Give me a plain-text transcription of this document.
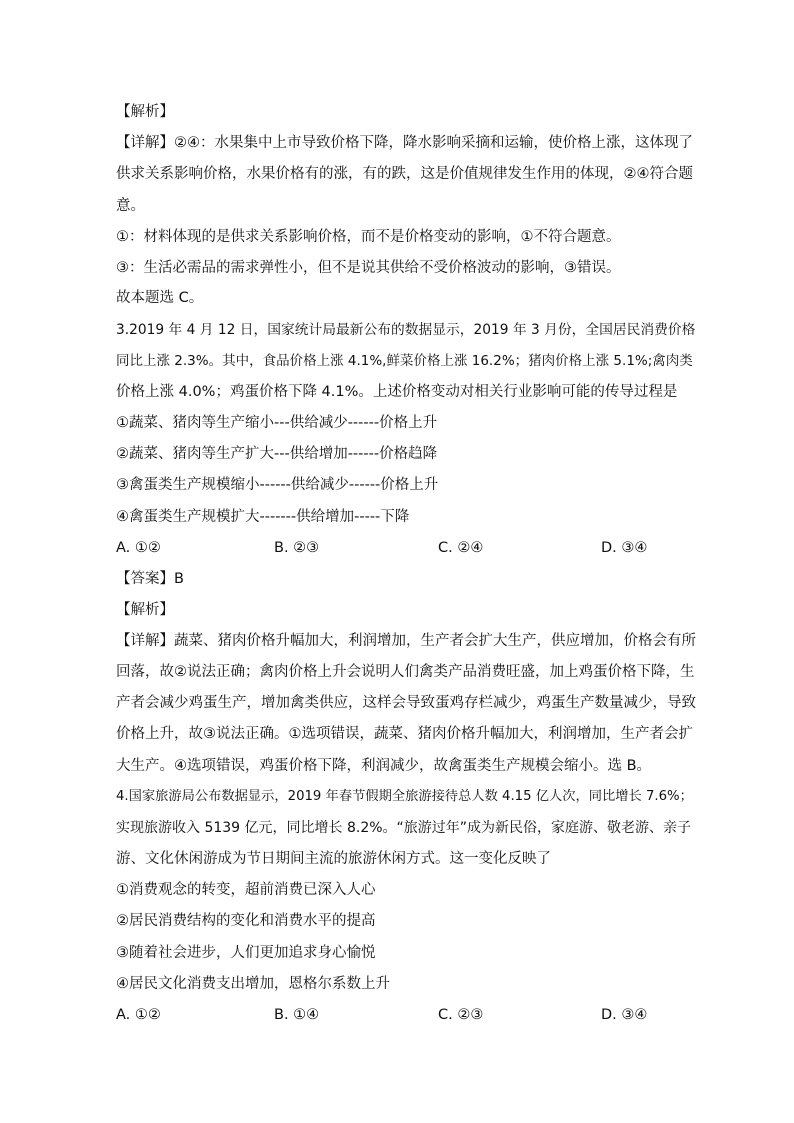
【解析】
【详解】②④：水果集中上市导致价格下降，降水影响采摘和运输，使价格上涨，这体现了
供求关系影响价格，水果价格有的涨，有的跌，这是价值规律发生作用的体现，②④符合题
意。
①：材料体现的是供求关系影响价格，而不是价格变动的影响，①不符合题意。
③：生活必需品的需求弹性小，但不是说其供给不受价格波动的影响，③错误。
故本题选 C。
3.2019 年 4 月 12 日，国家统计局最新公布的数据显示，2019 年 3 月份，全国居民消费价格
同比上涨 2.3%。其中，食品价格上涨 4.1%,鲜菜价格上涨 16.2%；猪肉价格上涨 5.1%;禽肉类
价格上涨 4.0%；鸡蛋价格下降 4.1%。上述价格变动对相关行业影响可能的传导过程是
①蔬菜、猪肉等生产缩小---供给减少------价格上升
②蔬菜、猪肉等生产扩大---供给增加------价格趋降
③禽蛋类生产规模缩小------供给减少------价格上升
④禽蛋类生产规模扩大-------供给增加-----下降
A. ①②	B. ②③	C. ②④	D. ③④
【答案】B
【解析】
【详解】蔬菜、猪肉价格升幅加大，利润增加，生产者会扩大生产，供应增加，价格会有所
回落，故②说法正确；禽肉价格上升会说明人们禽类产品消费旺盛，加上鸡蛋价格下降，生
产者会减少鸡蛋生产，增加禽类供应，这样会导致蛋鸡存栏减少，鸡蛋生产数量减少，导致
价格上升，故③说法正确。①选项错误，蔬菜、猪肉价格升幅加大，利润增加，生产者会扩
大生产。④选项错误，鸡蛋价格下降，利润减少，故禽蛋类生产规模会缩小。选 B。
4.国家旅游局公布数据显示，2019 年春节假期全旅游接待总人数 4.15 亿人次，同比增长 7.6%；
实现旅游收入 5139 亿元，同比增长 8.2%。“旅游过年”成为新民俗，家庭游、敬老游、亲子
游、文化休闲游成为节日期间主流的旅游休闲方式。这一变化反映了
①消费观念的转变，超前消费已深入人心
②居民消费结构的变化和消费水平的提高
③随着社会进步，人们更加追求身心愉悦
④居民文化消费支出增加，恩格尔系数上升
A. ①②	B. ①④	C. ②③	D. ③④
